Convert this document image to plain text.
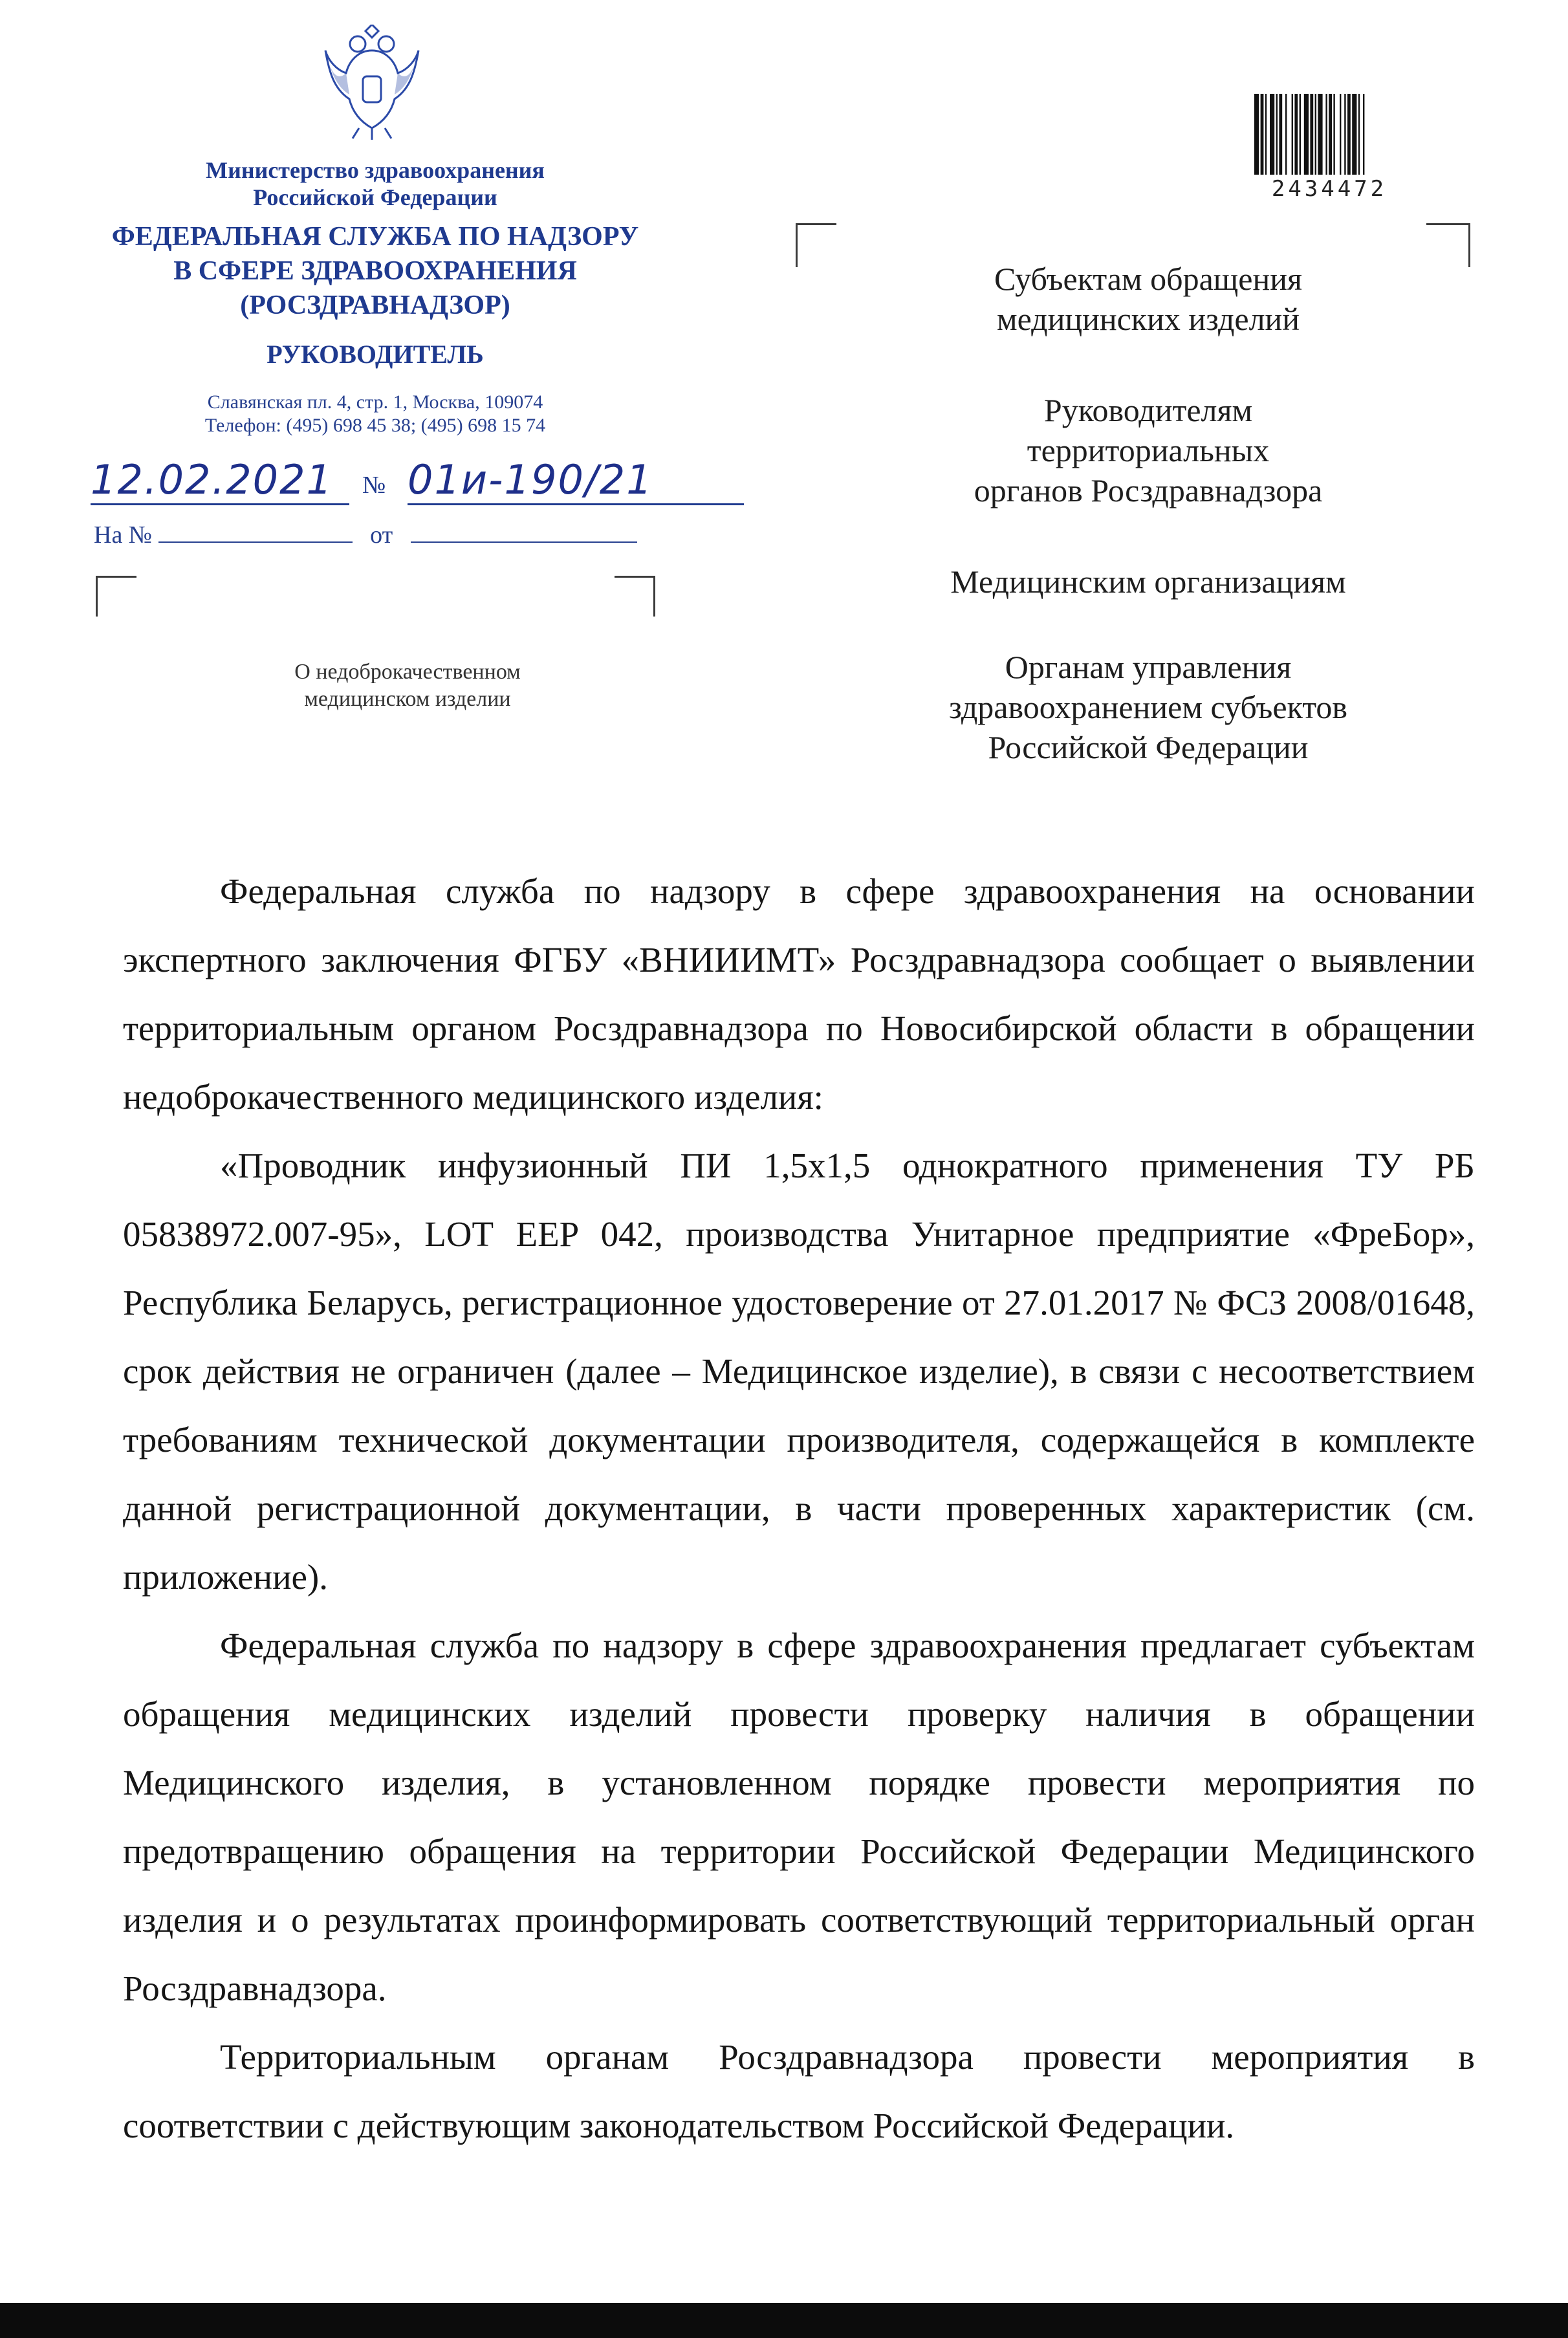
Министерство здравоохранения
Российской Федерации
ФЕДЕРАЛЬНАЯ СЛУЖБА ПО НАДЗОРУ
В СФЕРЕ ЗДРАВООХРАНЕНИЯ
(РОСЗДРАВНАДЗОР)
РУКОВОДИТЕЛЬ
Славянская пл. 4, стр. 1, Москва, 109074
Телефон: (495) 698 45 38; (495) 698 15 74
12.02.2021	№ 01и-190/21
На №	от
О недоброкачественном
медицинском изделии
2434472
Субъектам обращения
медицинских изделий
Руководителям
территориальных
органов Росздравнадзора
Медицинским организациям
Органам управления
здравоохранением субъектов
Российской Федерации

Федеральная служба по надзору в сфере здравоохранения на основании экспертного заключения ФГБУ «ВНИИИМТ» Росздравнадзора сообщает о выявлении территориальным органом Росздравнадзора по Новосибирской области в обращении недоброкачественного медицинского изделия:

«Проводник инфузионный ПИ 1,5х1,5 однократного применения ТУ РБ 05838972.007-95», LOT EEP 042, производства Унитарное предприятие «ФреБор», Республика Беларусь, регистрационное удостоверение от 27.01.2017 № ФСЗ 2008/01648, срок действия не ограничен (далее – Медицинское изделие), в связи с несоответствием требованиям технической документации производителя, содержащейся в комплекте данной регистрационной документации, в части проверенных характеристик (см. приложение).

Федеральная служба по надзору в сфере здравоохранения предлагает субъектам обращения медицинских изделий провести проверку наличия в обращении Медицинского изделия, в установленном порядке провести мероприятия по предотвращению обращения на территории Российской Федерации Медицинского изделия и о результатах проинформировать соответствующий территориальный орган Росздравнадзора.

Территориальным органам Росздравнадзора провести мероприятия в соответствии с действующим законодательством Российской Федерации.
